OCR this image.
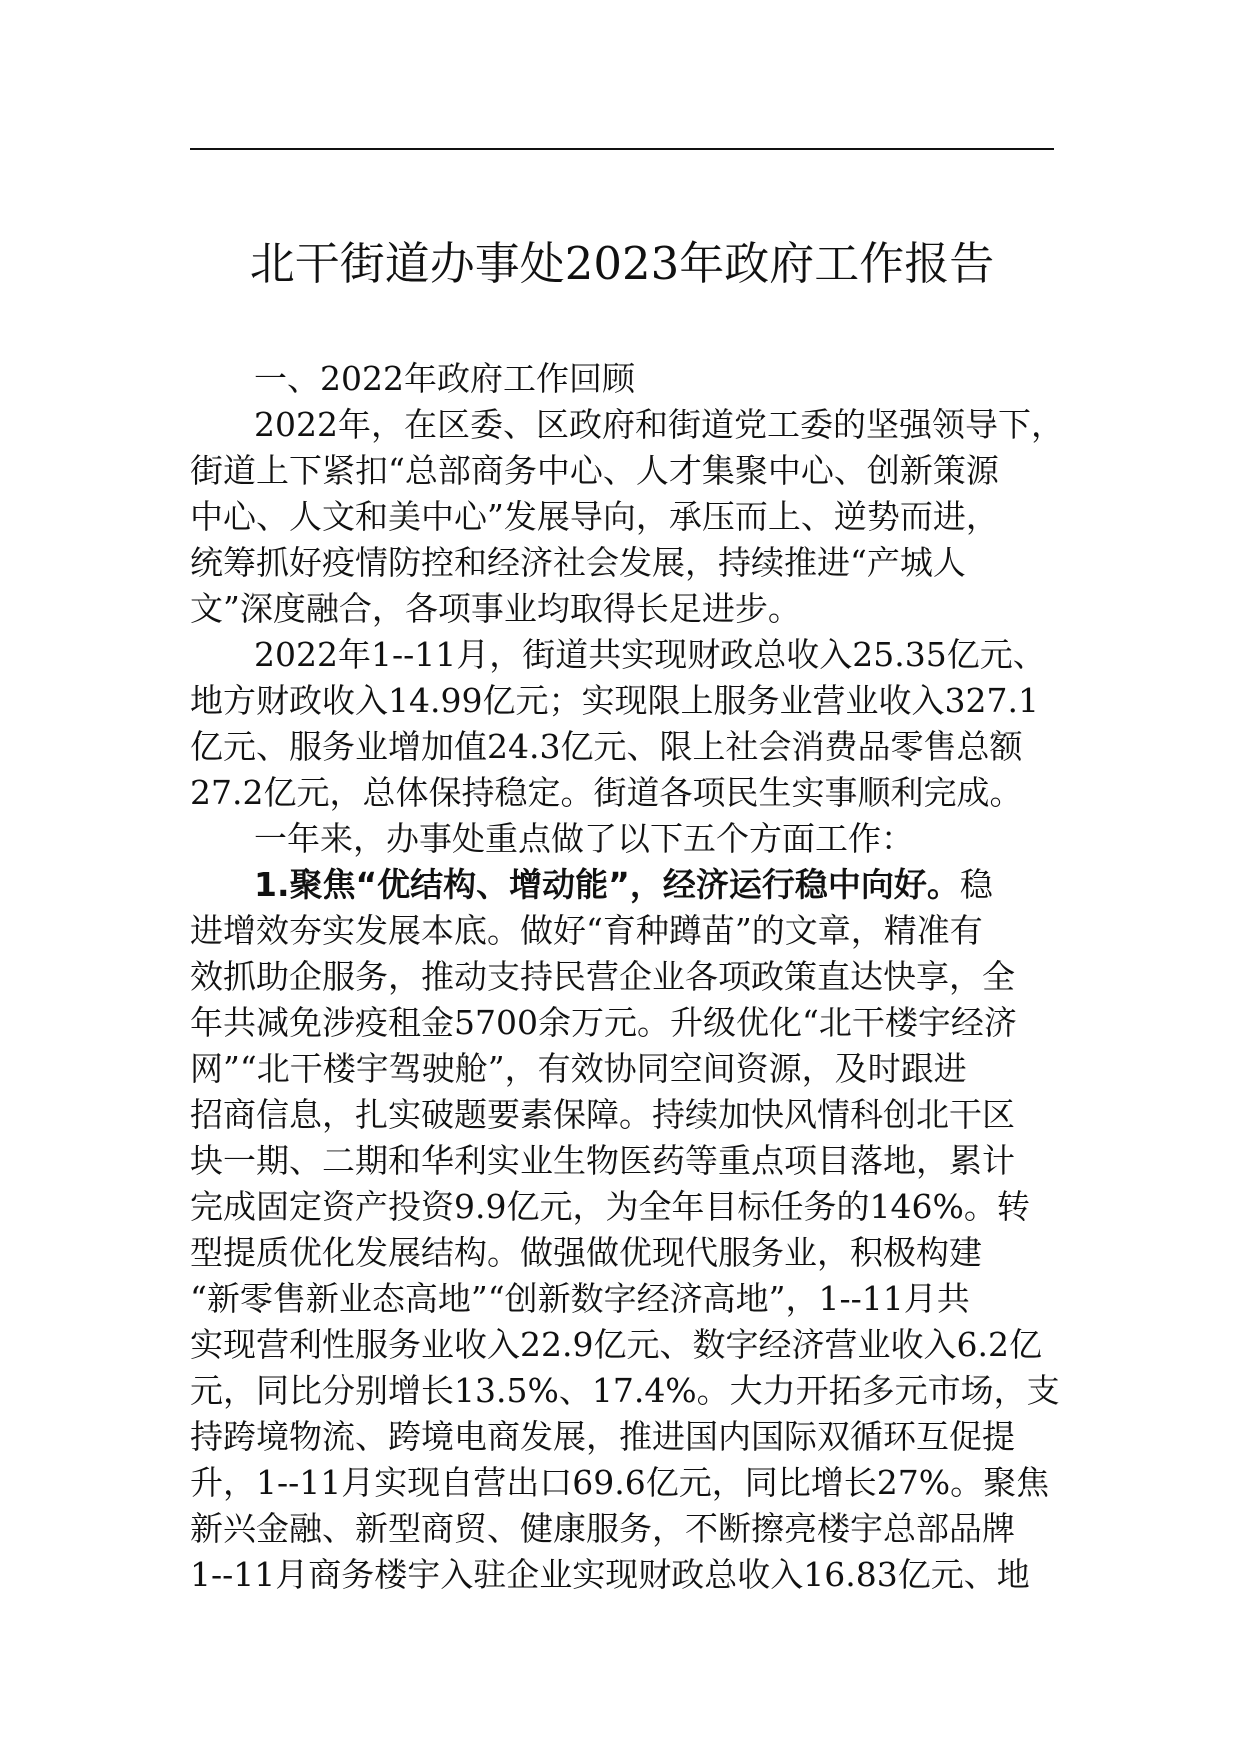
北干街道办事处2023年政府工作报告
一、2022年政府工作回顾
2022年，在区委、区政府和街道党工委的坚强领导下，
街道上下紧扣“总部商务中心、人才集聚中心、创新策源
中心、人文和美中心”发展导向，承压而上、逆势而进，
统筹抓好疫情防控和经济社会发展，持续推进“产城人
文”深度融合，各项事业均取得长足进步。
2022年1--11月，街道共实现财政总收入25.35亿元、
地方财政收入14.99亿元；实现限上服务业营业收入327.1
亿元、服务业增加值24.3亿元、限上社会消费品零售总额
27.2亿元，总体保持稳定。街道各项民生实事顺利完成。
一年来，办事处重点做了以下五个方面工作：
1.聚焦“优结构、增动能”，经济运行稳中向好。稳
进增效夯实发展本底。做好“育种蹲苗”的文章，精准有
效抓助企服务，推动支持民营企业各项政策直达快享，全
年共减免涉疫租金5700余万元。升级优化“北干楼宇经济
网”“北干楼宇驾驶舱”，有效协同空间资源，及时跟进
招商信息，扎实破题要素保障。持续加快风情科创北干区
块一期、二期和华利实业生物医药等重点项目落地，累计
完成固定资产投资9.9亿元，为全年目标任务的146%。转
型提质优化发展结构。做强做优现代服务业，积极构建
“新零售新业态高地”“创新数字经济高地”，1--11月共
实现营利性服务业收入22.9亿元、数字经济营业收入6.2亿
元，同比分别增长13.5%、17.4%。大力开拓多元市场，支
持跨境物流、跨境电商发展，推进国内国际双循环互促提
升，1--11月实现自营出口69.6亿元，同比增长27%。聚焦
新兴金融、新型商贸、健康服务，不断擦亮楼宇总部品牌
1--11月商务楼宇入驻企业实现财政总收入16.83亿元、地
